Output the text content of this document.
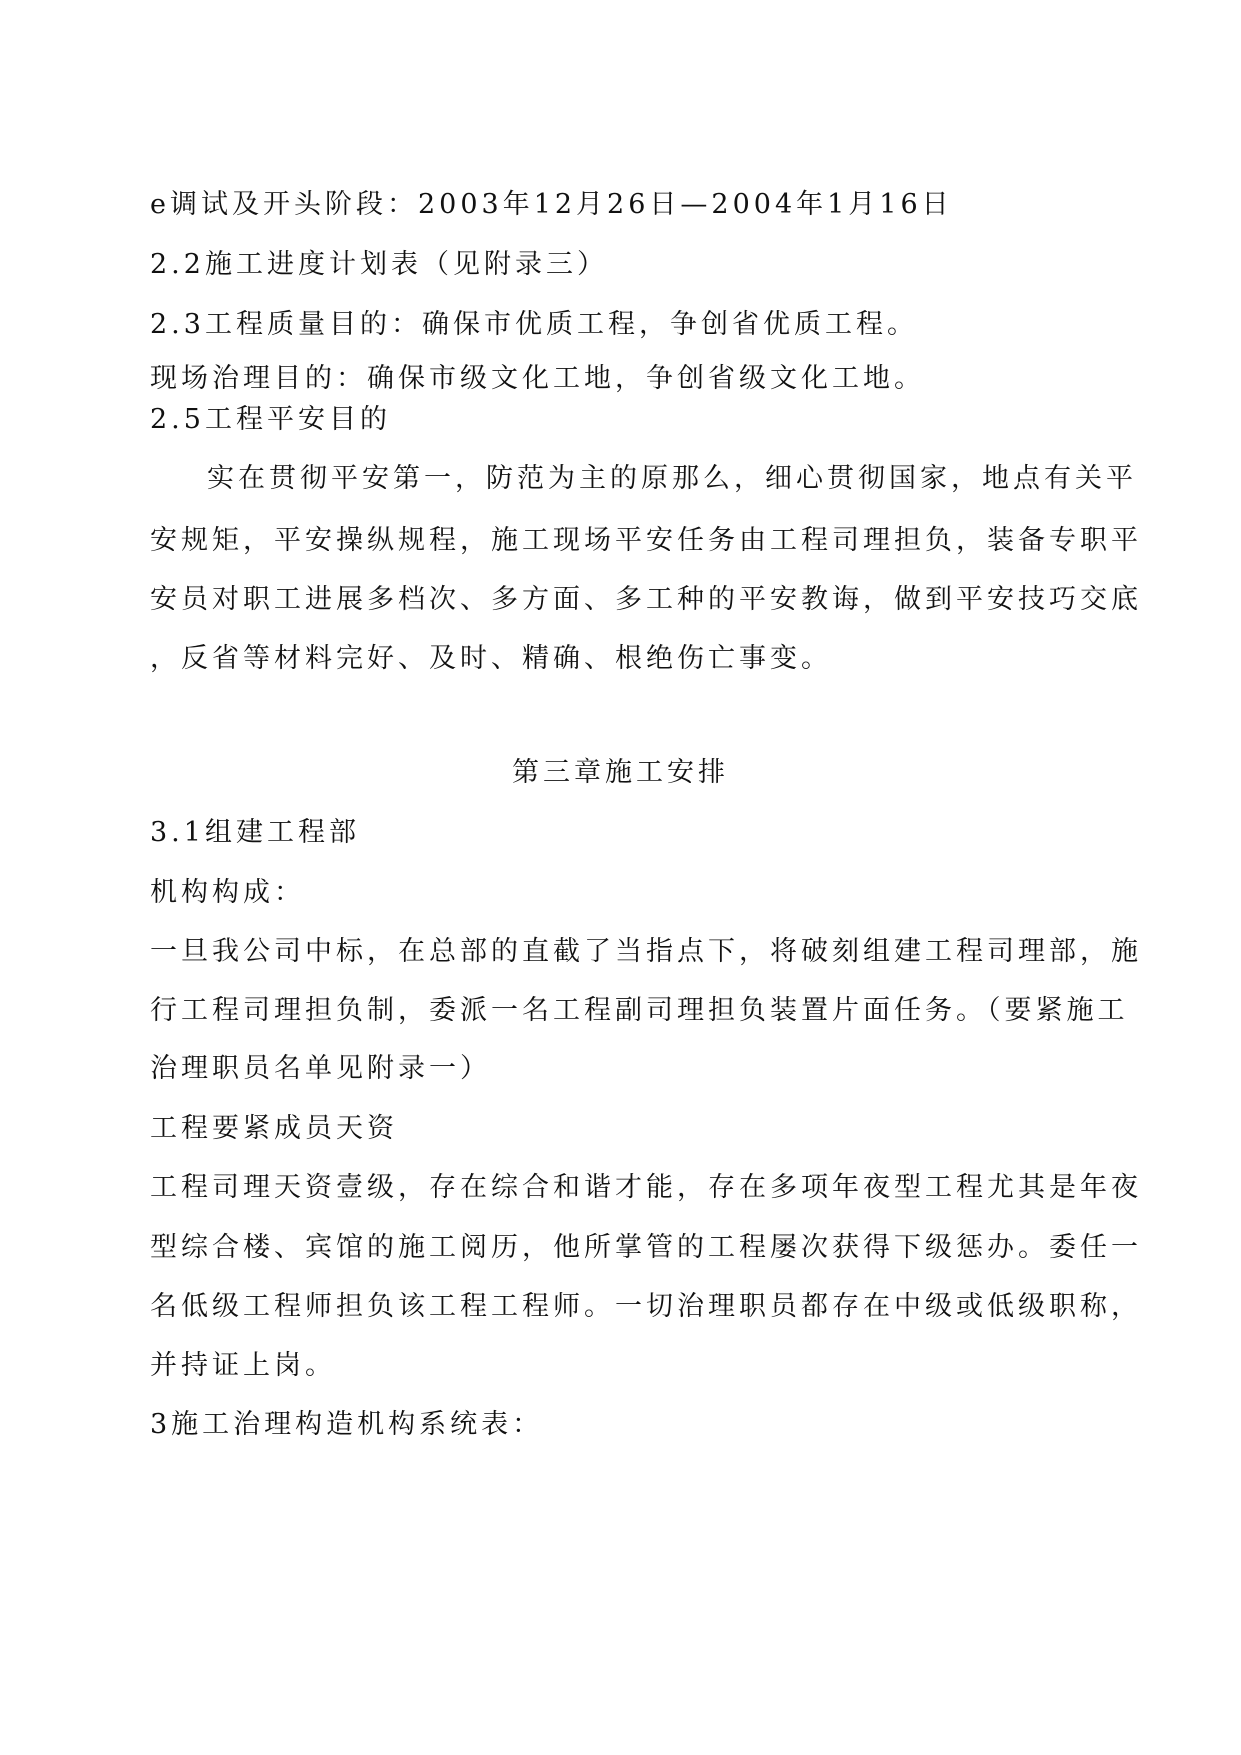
e调试及开头阶段：2003年12月26日—2004年1月16日

2.2施工进度计划表（见附录三）

2.3工程质量目的：确保市优质工程，争创省优质工程。

现场治理目的：确保市级文化工地，争创省级文化工地。

2.5工程平安目的

实在贯彻平安第一，防范为主的原那么，细心贯彻国家，地点有关平

安规矩，平安操纵规程，施工现场平安任务由工程司理担负，装备专职平

安员对职工进展多档次、多方面、多工种的平安教诲，做到平安技巧交底

，反省等材料完好、及时、精确、根绝伤亡事变。

第三章施工安排

3.1组建工程部

机构构成：

一旦我公司中标，在总部的直截了当指点下，将破刻组建工程司理部，施

行工程司理担负制，委派一名工程副司理担负装置片面任务。（要紧施工

治理职员名单见附录一）

工程要紧成员天资

工程司理天资壹级，存在综合和谐才能，存在多项年夜型工程尤其是年夜

型综合楼、宾馆的施工阅历，他所掌管的工程屡次获得下级惩办。委任一

名低级工程师担负该工程工程师。一切治理职员都存在中级或低级职称，

并持证上岗。

3施工治理构造机构系统表：
